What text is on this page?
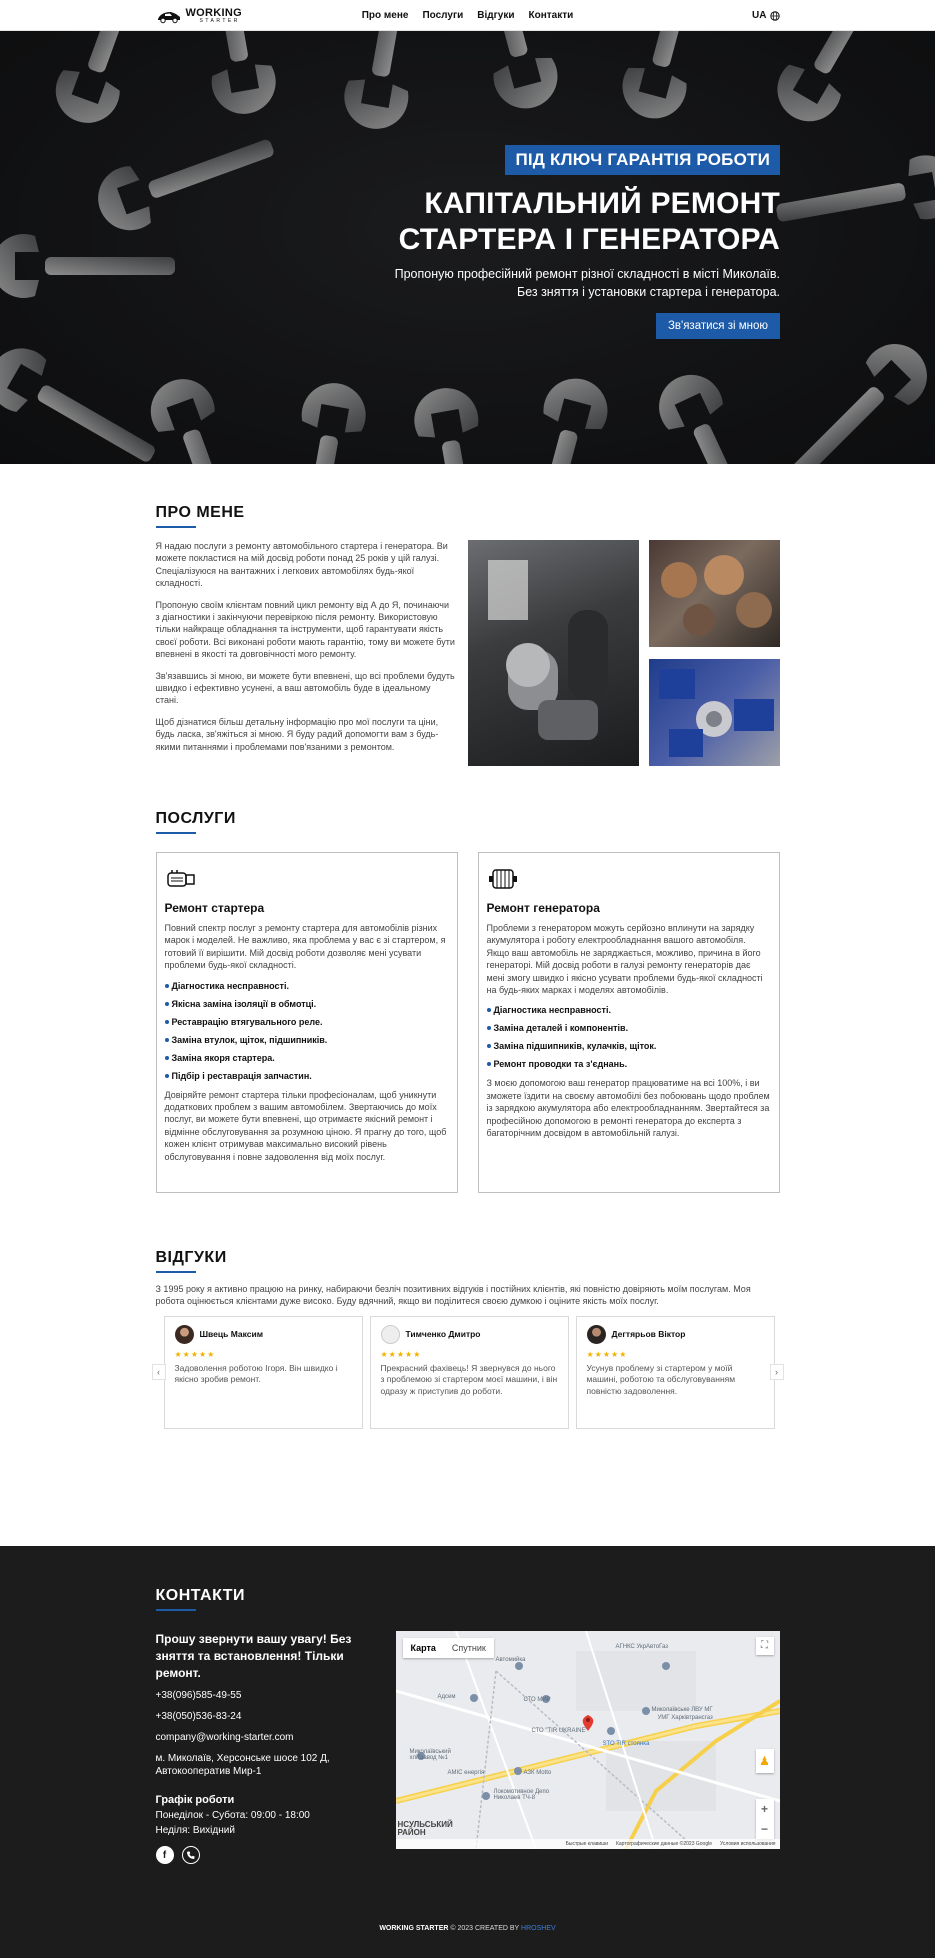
WORKING
STARTER	Про мене Послуги Відгуки Контакти	UA
ПІД КЛЮЧ ГАРАНТІЯ РОБОТИ
КАПІТАЛЬНИЙ РЕМОНТ
СТАРТЕРА І ГЕНЕРАТОРА
Пропоную професійний ремонт різної складності в місті Миколаїв.
Без зняття і установки стартера і генератора.
Зв'язатися зі мною
ПРО МЕНЕ

Я надаю послуги з ремонту автомобільного стартера і генератора. Ви можете покластися на мій досвід роботи понад 25 років у цій галузі. Спеціалізуюся на вантажних і легкових автомобілях будь-якої складності.

Пропоную своїм клієнтам повний цикл ремонту від А до Я, починаючи з діагностики і закінчуючи перевіркою після ремонту. Використовую тільки найкраще обладнання та інструменти, щоб гарантувати якість своєї роботи. Всі виконані роботи мають гарантію, тому ви можете бути впевнені в якості та довговічності мого ремонту.

Зв'язавшись зі мною, ви можете бути впевнені, що всі проблеми будуть швидко і ефективно усунені, а ваш автомобіль буде в ідеальному стані.

Щоб дізнатися більш детальну інформацію про мої послуги та ціни, будь ласка, зв'яжіться зі мною. Я буду радий допомогти вам з будь-якими питаннями і проблемами пов'язаними з ремонтом.

ПОСЛУГИ
Ремонт стартера

Повний спектр послуг з ремонту стартера для автомобілів різних марок і моделей. Не важливо, яка проблема у вас є зі стартером, я готовий її вирішити. Мій досвід роботи дозволяє мені усувати проблеми будь-якої складності.

Діагностика несправності.
Якісна заміна ізоляції в обмотці.
Реставрацію втягувального реле.
Заміна втулок, щіток, підшипників.
Заміна якоря стартера.
Підбір і реставрація запчастин.

Довіряйте ремонт стартера тільки професіоналам, щоб уникнути додаткових проблем з вашим автомобілем. Звертаючись до моїх послуг, ви можете бути впевнені, що отримаєте якісний ремонт і відмінне обслуговування за розумною ціною. Я прагну до того, щоб кожен клієнт отримував максимально високий рівень обслуговування і повне задоволення від моїх послуг.

Ремонт генератора

Проблеми з генератором можуть серйозно вплинути на зарядку акумулятора і роботу електрообладнання вашого автомобіля. Якщо ваш автомобіль не заряджається, можливо, причина в його генераторі. Мій досвід роботи в галузі ремонту генераторів дає мені змогу швидко і якісно усувати проблеми будь-якої складності на будь-яких марках і моделях автомобілів.

Діагностика несправності.
Заміна деталей і компонентів.
Заміна підшипників, кулачків, щіток.
Ремонт проводки та з'єднань.

З моєю допомогою ваш генератор працюватиме на всі 100%, і ви зможете їздити на своєму автомобілі без побоювань щодо проблем із зарядкою акумулятора або електрообладнанням. Звертайтеся за професійною допомогою в ремонті генератора до експерта з багаторічним досвідом в автомобільній галузі.

ВІДГУКИ

З 1995 року я активно працюю на ринку, набираючи безліч позитивних відгуків і постійних клієнтів, які повністю довіряють моїм послугам. Моя робота оцінюється клієнтами дуже високо. Буду вдячний, якщо ви поділитеся своєю думкою і оціните якість моїх послуг.

‹
Швець Максим
★★★★★
Задоволення роботою Ігоря. Він швидко і якісно зробив ремонт.
Тимченко Дмитро
★★★★★
Прекрасний фахівець! Я звернувся до нього з проблемою зі стартером моєї машини, і він одразу ж приступив до роботи.
Дегтярьов Віктор
★★★★★
Усунув проблему зі стартером у моїй машині, роботою та обслуговуванням повністю задоволення.
›
КОНТАКТИ
Прошу звернути вашу увагу! Без зняття та встановлення! Тільки ремонт.
+38(096)585-49-55
+38(050)536-83-24
company@working-starter.com
м. Миколаїв, Херсонське шосе 102 Д, Автокооператив Мир-1
Графік роботи
Понеділок - Субота: 09:00 - 18:00
Неділя: Вихідний
f
АГНКС УкрАвтоГаз
Автомийка
Адсем	СТО МИР
Миколаївське ЛВУ МГ
УМГ Харківтрансгаз
СТО "TIR UKRAINE"
STO TIR стоянка
Миколаївський хлібзавод №1
AMIC енергія	АЗК Motto
Локомотивное Депо Николаев ТЧ-8
Карта	Спутник	⛶
♟
+
−
НСУЛЬСЬКИЙ
РАЙОН
Быстрые клавиши Картографические данные ©2023 Google Условия использования
WORKING STARTER © 2023 CREATED BY HROSHEV
